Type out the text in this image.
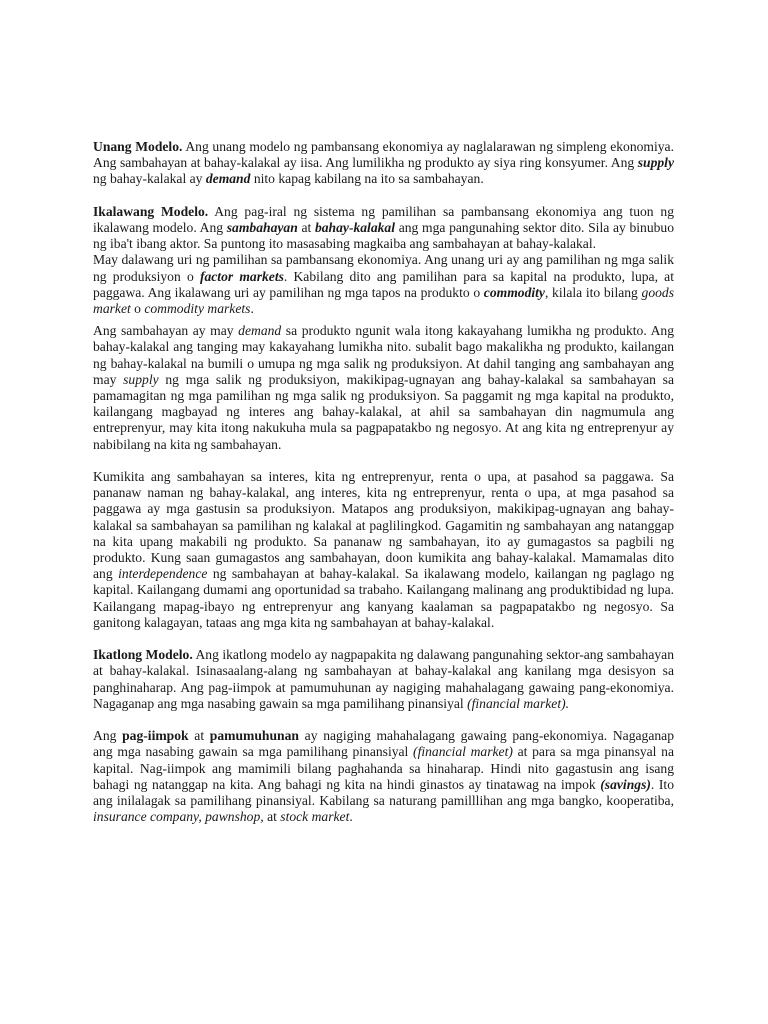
Unang Modelo. Ang unang modelo ng pambansang ekonomiya ay naglalarawan ng simpleng ekonomiya. Ang sambahayan at bahay-kalakal ay iisa. Ang lumilikha ng produkto ay siya ring konsyumer. Ang supply ng bahay-kalakal ay demand nito kapag kabilang na ito sa sambahayan.

Ikalawang Modelo. Ang pag-iral ng sistema ng pamilihan sa pambansang ekonomiya ang tuon ng ikalawang modelo. Ang sambahayan at bahay-kalakal ang mga pangunahing sektor dito. Sila ay binubuo ng iba't ibang aktor. Sa puntong ito masasabing magkaiba ang sambahayan at bahay-kalakal.

May dalawang uri ng pamilihan sa pambansang ekonomiya. Ang unang uri ay ang pamilihan ng mga salik ng produksiyon o factor markets. Kabilang dito ang pamilihan para sa kapital na produkto, lupa, at paggawa. Ang ikalawang uri ay pamilihan ng mga tapos na produkto o commodity, kilala ito bilang goods market o commodity markets.

Ang sambahayan ay may demand sa produkto ngunit wala itong kakayahang lumikha ng produkto. Ang bahay-kalakal ang tanging may kakayahang lumikha nito. subalit bago makalikha ng produkto, kailangan ng bahay-kalakal na bumili o umupa ng mga salik ng produksiyon. At dahil tanging ang sambahayan ang may supply ng mga salik ng produksiyon, makikipag-ugnayan ang bahay-kalakal sa sambahayan sa pamamagitan ng mga pamilihan ng mga salik ng produksiyon. Sa paggamit ng mga kapital na produkto, kailangang magbayad ng interes ang bahay-kalakal, at ahil sa sambahayan din nagmumula ang entreprenyur, may kita itong nakukuha mula sa pagpapatakbo ng negosyo. At ang kita ng entreprenyur ay nabibilang na kita ng sambahayan.

Kumikita ang sambahayan sa interes, kita ng entreprenyur, renta o upa, at pasahod sa paggawa. Sa pananaw naman ng bahay-kalakal, ang interes, kita ng entreprenyur, renta o upa, at mga pasahod sa paggawa ay mga gastusin sa produksiyon. Matapos ang produksiyon, makikipag-ugnayan ang bahay-kalakal sa sambahayan sa pamilihan ng kalakal at paglilingkod. Gagamitin ng sambahayan ang natanggap na kita upang makabili ng produkto. Sa pananaw ng sambahayan, ito ay gumagastos sa pagbili ng produkto. Kung saan gumagastos ang sambahayan, doon kumikita ang bahay-kalakal. Mamamalas dito ang interdependence ng sambahayan at bahay-kalakal. Sa ikalawang modelo, kailangan ng paglago ng kapital. Kailangang dumami ang oportunidad sa trabaho. Kailangang malinang ang produktibidad ng lupa. Kailangang mapag-ibayo ng entreprenyur ang kanyang kaalaman sa pagpapatakbo ng negosyo. Sa ganitong kalagayan, tataas ang mga kita ng sambahayan at bahay-kalakal.

Ikatlong Modelo. Ang ikatlong modelo ay nagpapakita ng dalawang pangunahing sektor-ang sambahayan at bahay-kalakal. Isinasaalang-alang ng sambahayan at bahay-kalakal ang kanilang mga desisyon sa panghinaharap. Ang pag-iimpok at pamumuhunan ay nagiging mahahalagang gawaing pang-ekonomiya. Nagaganap ang mga nasabing gawain sa mga pamilihang pinansiyal (financial market).

Ang pag-iimpok at pamumuhunan ay nagiging mahahalagang gawaing pang-ekonomiya. Nagaganap ang mga nasabing gawain sa mga pamilihang pinansiyal (financial market) at para sa mga pinansyal na kapital. Nag-iimpok ang mamimili bilang paghahanda sa hinaharap. Hindi nito gagastusin ang isang bahagi ng natanggap na kita. Ang bahagi ng kita na hindi ginastos ay tinatawag na impok (savings). Ito ang inilalagak sa pamilihang pinansiyal. Kabilang sa naturang pamilllihan ang mga bangko, kooperatiba, insurance company, pawnshop, at stock market.
